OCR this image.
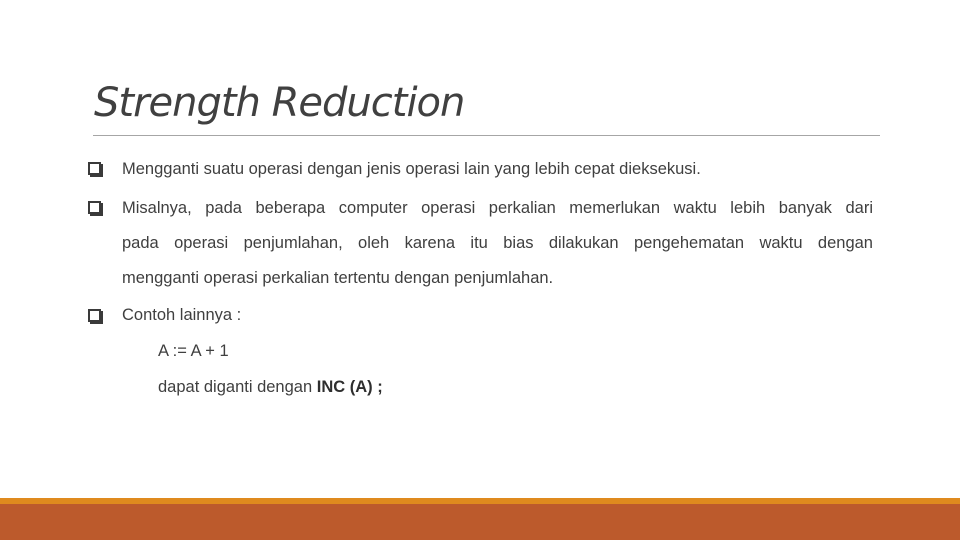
Strength Reduction
Mengganti suatu operasi dengan jenis operasi lain yang lebih cepat dieksekusi.
Misalnya, pada beberapa computer operasi perkalian memerlukan waktu lebih banyak dari
pada operasi penjumlahan, oleh karena itu bias dilakukan pengehematan waktu dengan
mengganti operasi perkalian tertentu dengan penjumlahan.
Contoh lainnya :
A := A + 1
dapat diganti dengan INC (A) ;
